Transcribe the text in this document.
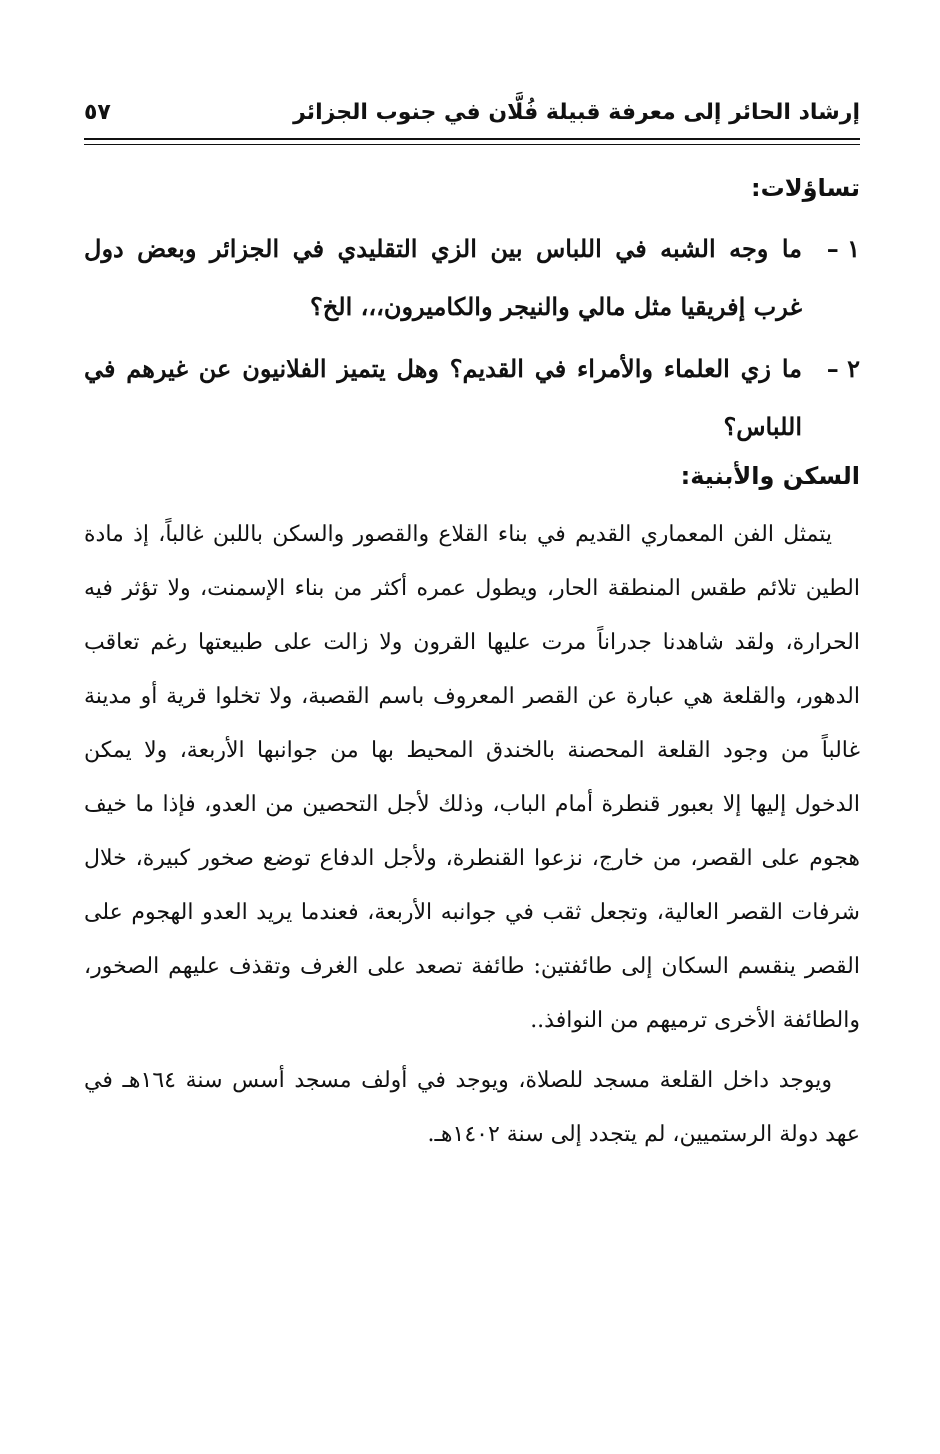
إرشاد الحائر إلى معرفة قبيلة فُلَّان في جنوب الجزائر
٥٧
تساؤلات:
١ –
ما وجه الشبه في اللباس بين الزي التقليدي في الجزائر وبعض دول غرب إفريقيا مثل مالي والنيجر والكاميرون،،، الخ؟
٢ –
ما زي العلماء والأمراء في القديم؟ وهل يتميز الفلانيون عن غيرهم في اللباس؟
السكن والأبنية:

يتمثل الفن المعماري القديم في بناء القلاع والقصور والسكن باللبن غالباً، إذ مادة الطين تلائم طقس المنطقة الحار، ويطول عمره أكثر من بناء الإسمنت، ولا تؤثر فيه الحرارة، ولقد شاهدنا جدراناً مرت عليها القرون ولا زالت على طبيعتها رغم تعاقب الدهور، والقلعة هي عبارة عن القصر المعروف باسم القصبة، ولا تخلوا قرية أو مدينة غالباً من وجود القلعة المحصنة بالخندق المحيط بها من جوانبها الأربعة، ولا يمكن الدخول إليها إلا بعبور قنطرة أمام الباب، وذلك لأجل التحصين من العدو، فإذا ما خيف هجوم على القصر، من خارج، نزعوا القنطرة، ولأجل الدفاع توضع صخور كبيرة، خلال شرفات القصر العالية، وتجعل ثقب في جوانبه الأربعة، فعندما يريد العدو الهجوم على القصر ينقسم السكان إلى طائفتين: طائفة تصعد على الغرف وتقذف عليهم الصخور، والطائفة الأخرى ترميهم من النوافذ..

ويوجد داخل القلعة مسجد للصلاة، ويوجد في أولف مسجد أسس سنة ١٦٤هـ في عهد دولة الرستميين، لم يتجدد إلى سنة ١٤٠٢هـ.
